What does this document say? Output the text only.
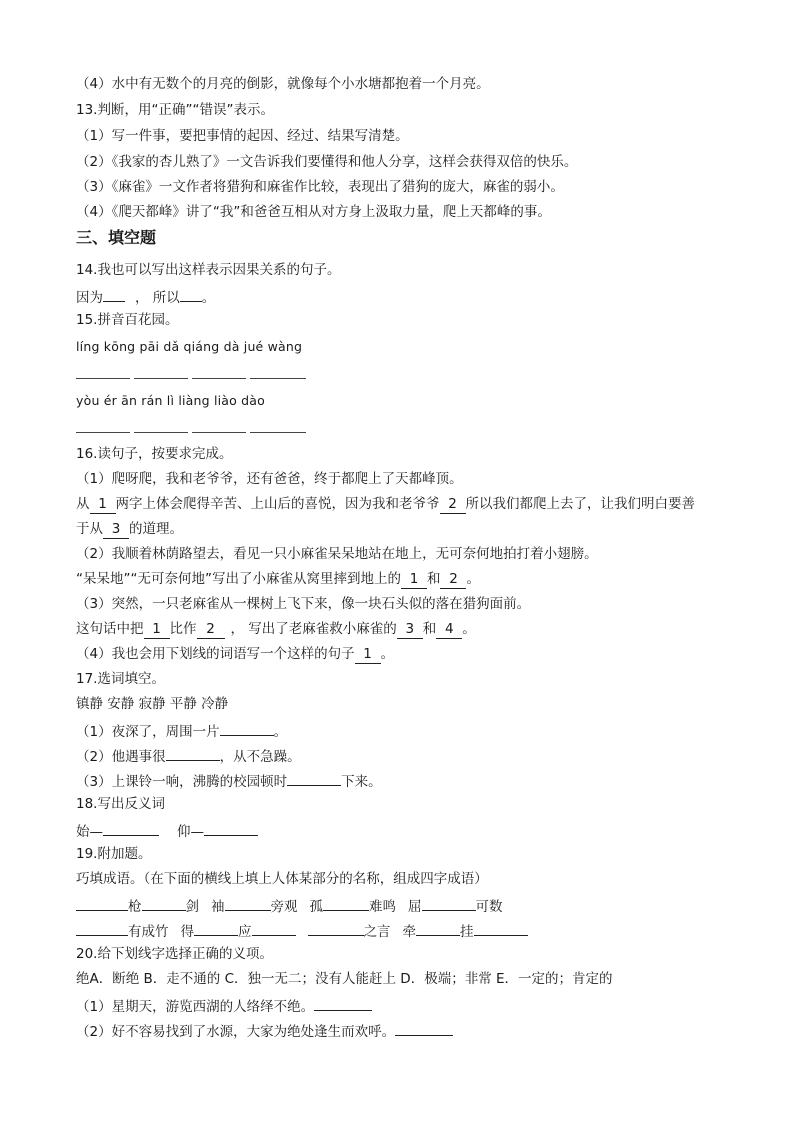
（4）水中有无数个的月亮的倒影，就像每个小水塘都抱着一个月亮。
13.判断，用“正确”“错误”表示。
（1）写一件事，要把事情的起因、经过、结果写清楚。
（2）《我家的杏儿熟了》一文告诉我们要懂得和他人分享，这样会获得双倍的快乐。
（3）《麻雀》一文作者将猎狗和麻雀作比较，表现出了猎狗的庞大，麻雀的弱小。
（4）《爬天都峰》讲了“我”和爸爸互相从对方身上汲取力量，爬上天都峰的事。
三、填空题
14.我也可以写出这样表示因果关系的句子。
因为 ， 所以 。
15.拼音百花园。
líng kōng pāi dǎ qiáng dà jué wàng
yòu ér ān rán lì liàng liào dào
16.读句子，按要求完成。
（1）爬呀爬，我和老爷爷，还有爸爸，终于都爬上了天都峰顶。
从 1 两字上体会爬得辛苦、上山后的喜悦，因为我和老爷爷 2 所以我们都爬上去了，让我们明白要善
于从 3 的道理。
（2）我顺着林荫路望去，看见一只小麻雀呆呆地站在地上，无可奈何地拍打着小翅膀。
“呆呆地”“无可奈何地”写出了小麻雀从窝里摔到地上的 1 和 2 。
（3）突然，一只老麻雀从一棵树上飞下来，像一块石头似的落在猎狗面前。
这句话中把 1 比作 2 ， 写出了老麻雀救小麻雀的 3 和 4 。
（4）我也会用下划线的词语写一个这样的句子 1 。
17.选词填空。
镇静 安静 寂静 平静 冷静
（1）夜深了，周围一片	。
（2）他遇事很	，从不急躁。
（3）上课铃一响，沸腾的校园顿时	下来。
18.写出反义词
始—	仰—
19.附加题。
巧填成语。（在下面的横线上填上人体某部分的名称，组成四字成语）
枪	剑 袖	旁观 孤	难鸣 屈	可数
有成竹 得	应	之言 牵	挂
20.给下划线字选择正确的义项。
绝A．断绝 B．走不通的 C．独一无二；没有人能赶上 D．极端；非常 E．一定的；肯定的
（1）星期天，游览西湖的人络绎不绝。
（2）好不容易找到了水源，大家为绝处逢生而欢呼。
